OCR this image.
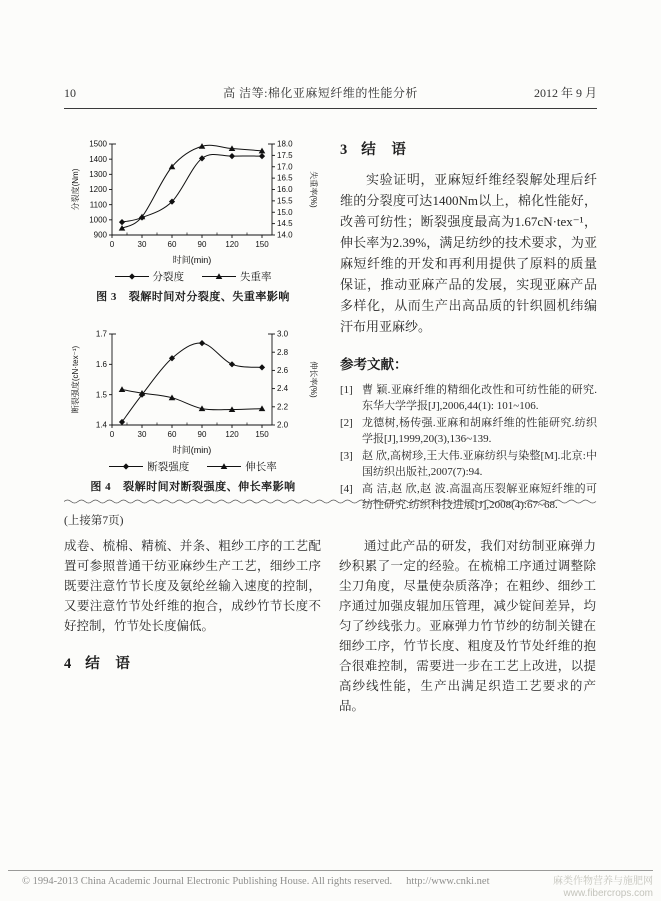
10	高 洁等:棉化亚麻短纤维的性能分析	2012 年 9 月
900
1000
1100
1200
1300
1400
1500
14.0
14.5
15.0
15.5
16.0
16.5
17.0
17.5
18.0
0	30	60	90 120 150
分裂度(Nm)	失重率(%)
时间(min)
分裂度	失重率
图 3 裂解时间对分裂度、失重率影响
1.4
1.5
1.6
1.7
2.0
2.2
2.4
2.6
2.8
3.0
0	30	60	90 120 150
断裂强度(cN·tex⁻¹)	伸长率(%)
时间(min)
断裂强度	伸长率
图 4 裂解时间对断裂强度、伸长率影响
3 结 语

实验证明，亚麻短纤维经裂解处理后纤维的分裂度可达1400Nm以上，棉化性能好，改善可纺性；断裂强度最高为1.67cN·tex⁻¹，伸长率为2.39%，满足纺纱的技术要求，为亚麻短纤维的开发和再利用提供了原料的质量保证，推动亚麻产品的发展，实现亚麻产品多样化，从而生产出高品质的针织圆机纬编汗布用亚麻纱。

参考文献：
[1] 曹 颖.亚麻纤维的精细化改性和可纺性能的研究.东华大学学报[J],2006,44(1): 101~106.
[2] 龙德树,杨传强.亚麻和胡麻纤维的性能研究.纺织学报[J],1999,20(3),136~139.
[3] 赵 欣,高树珍,王大伟.亚麻纺织与染整[M].北京:中国纺织出版社,2007(7):94.
[4] 高 洁,赵 欣,赵 波.高温高压裂解亚麻短纤维的可纺性研究.纺织科技进展[J],2008(4):67~68.
(上接第7页)

成卷、梳棉、精梳、并条、粗纱工序的工艺配置可参照普通干纺亚麻纱生产工艺，细纱工序既要注意竹节长度及氨纶丝输入速度的控制，又要注意竹节处纤维的抱合，成纱竹节长度不好控制，竹节处长度偏低。

4 结 语

通过此产品的研发，我们对纺制亚麻弹力纱积累了一定的经验。在梳棉工序通过调整除尘刀角度，尽量使杂质落净；在粗纱、细纱工序通过加强皮辊加压管理，减少锭间差异，均匀了纱线张力。亚麻弹力竹节纱的纺制关键在细纱工序，竹节长度、粗度及竹节处纤维的抱合很难控制，需要进一步在工艺上改进，以提高纱线性能，生产出满足织造工艺要求的产品。

© 1994-2013 China Academic Journal Electronic Publishing House. All rights reserved. http://www.cnki.net	麻类作物营养与施肥网
www.fibercrops.com
